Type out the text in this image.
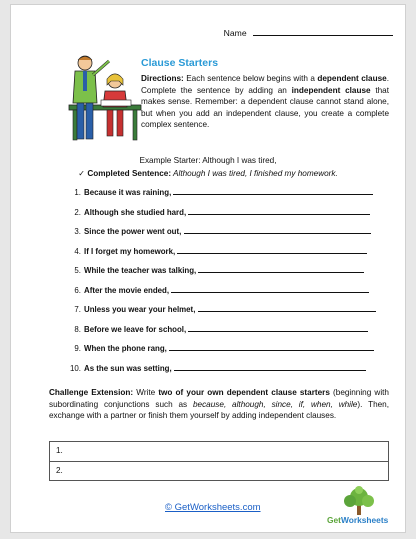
Name
Clause Starters
Directions: Each sentence below begins with a dependent clause. Complete the sentence by adding an independent clause that makes sense. Remember: a dependent clause cannot stand alone, but when you add an independent clause, you create a complete complex sentence.
Example Starter: Although I was tired,
✓ Completed Sentence: Although I was tired, I finished my homework.
1. Because it was raining,
2. Although she studied hard,
3. Since the power went out,
4. If I forget my homework,
5. While the teacher was talking,
6. After the movie ended,
7. Unless you wear your helmet,
8. Before we leave for school,
9. When the phone rang,
10. As the sun was setting,
Challenge Extension: Write two of your own dependent clause starters (beginning with subordinating conjunctions such as because, although, since, if, when, while). Then, exchange with a partner or finish them yourself by adding independent clauses.
1.
2.
© GetWorksheets.com
GetWorksheets
